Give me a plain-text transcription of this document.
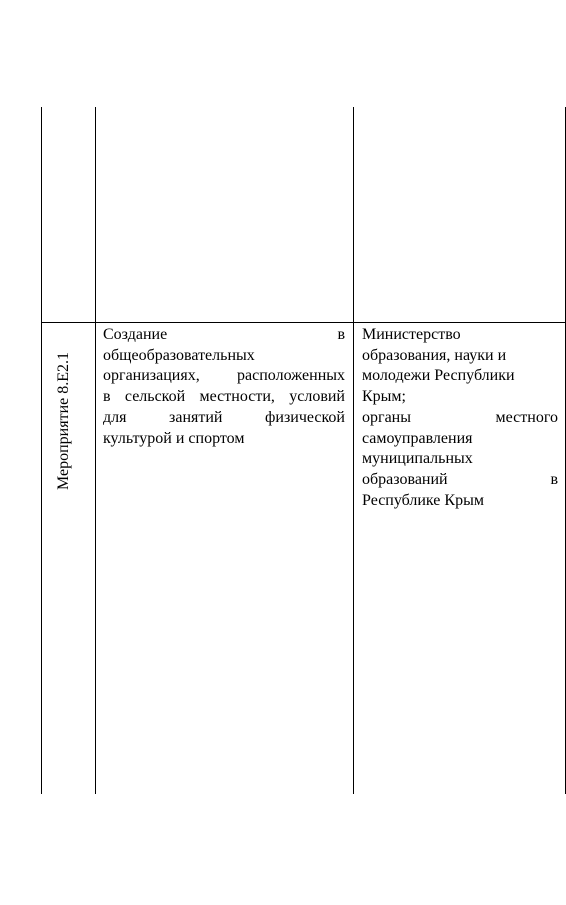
Мероприятие 8.Е2.1
Создание в
общеобразовательных
организациях, расположенных
в сельской местности, условий
для занятий физической
культурой и спортом
Министерство
образования, науки и
молодежи Республики
Крым;
органы местного
самоуправления
муниципальных
образований в
Республике Крым
